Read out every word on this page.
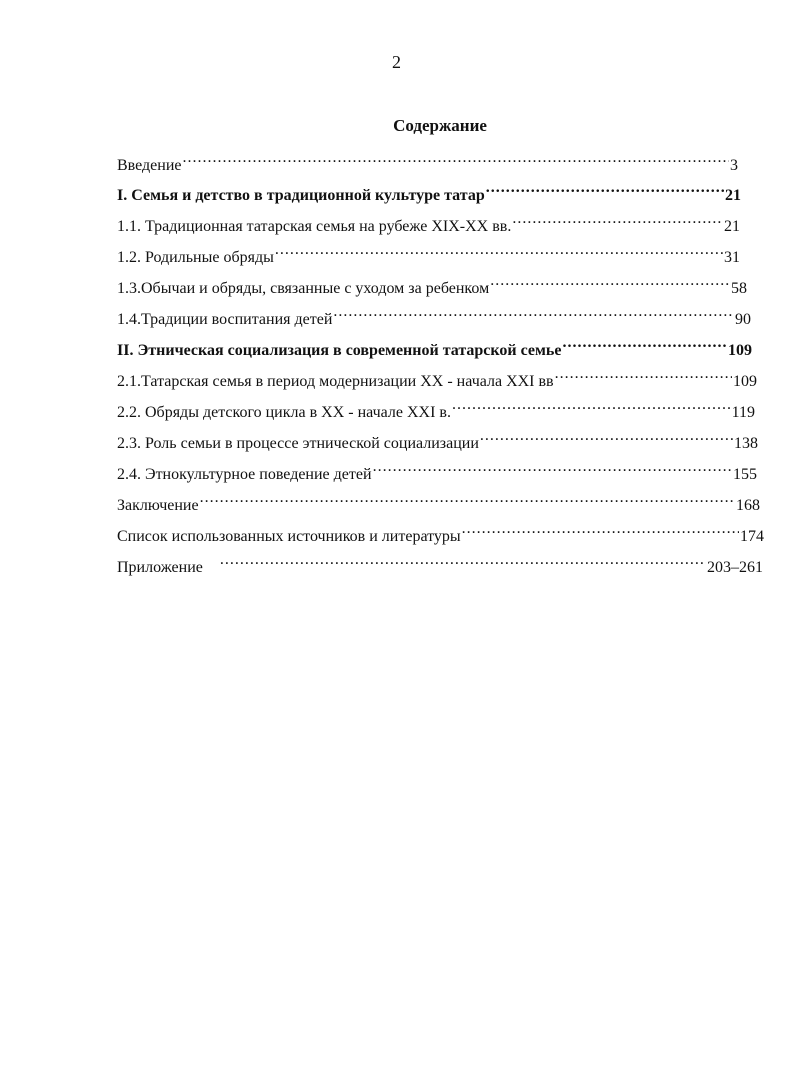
2
Содержание
Введение .....	3
I. Семья и детство в традиционной культуре татар .....	21
1.1. Традиционная татарская семья на рубеже XIX-XX вв. .....	21
1.2. Родильные обряды .....	31
1.3.Обычаи и обряды, связанные с уходом за ребенком .....	58
1.4.Традиции воспитания детей .....	90
II. Этническая социализация в современной татарской семье .....	109
2.1.Татарская семья в период модернизации XX - начала XXI вв .....	109
2.2. Обряды детского цикла в XX - начале XXI в. .....	119
2.3. Роль семьи в процессе этнической социализации .....	138
2.4. Этнокультурное поведение детей .....	155
Заключение .....	168
Список использованных источников и литературы .....	174
Приложение .....	203–261
